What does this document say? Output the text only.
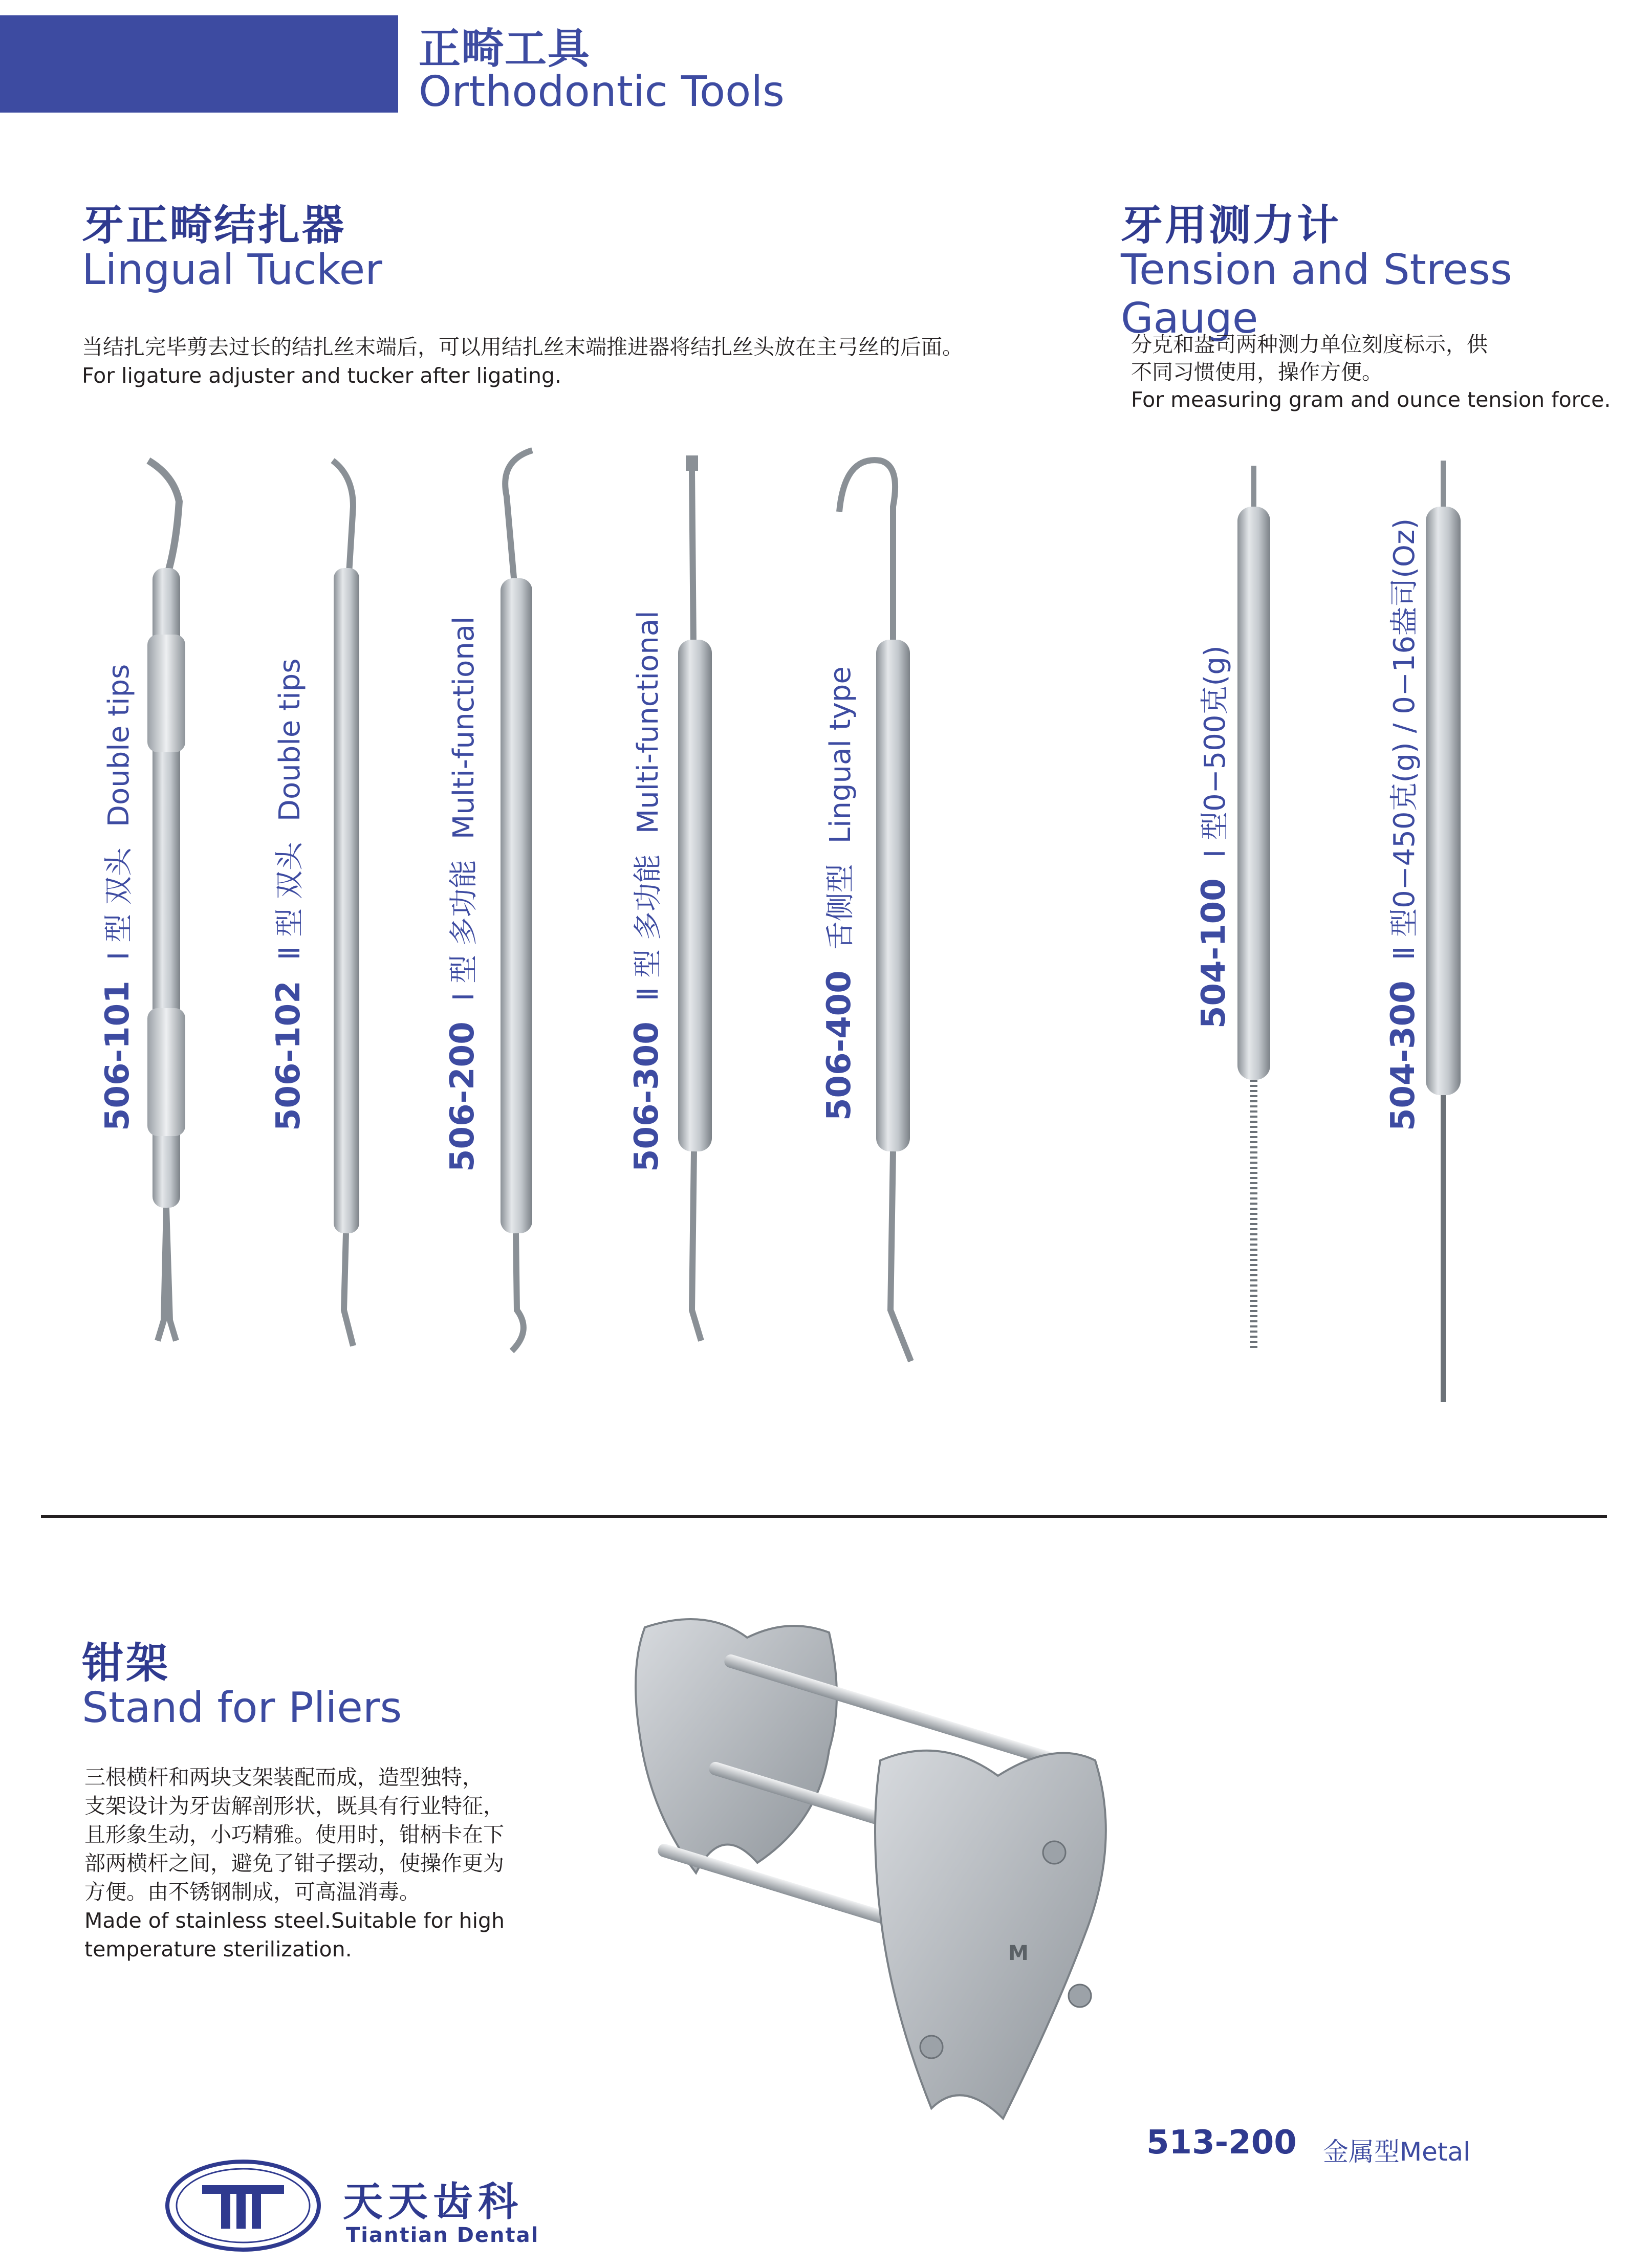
正畸工具
Orthodontic Tools
牙正畸结扎器
Lingual Tucker
当结扎完毕剪去过长的结扎丝末端后，可以用结扎丝末端推进器将结扎丝头放在主弓丝的后面。
For ligature adjuster and tucker after ligating.
牙用测力计
Tension and Stress Gauge
分克和盎司两种测力单位刻度标示，供
不同习惯使用，操作方便。
For measuring gram and ounce tension force.
506-101Ⅰ 型 双头Double tips
506-102Ⅱ 型 双头Double tips
506-200Ⅰ 型 多功能Multi-functional
506-300Ⅱ 型 多功能Multi-functional
506-400舌侧型Lingual type
504-100Ⅰ 型0−500克(g)
504-300Ⅱ 型0−450克(g) / 0−16盎司(Oz)
钳架
Stand for Pliers
三根横杆和两块支架装配而成，造型独特，
支架设计为牙齿解剖形状，既具有行业特征，
且形象生动，小巧精雅。使用时，钳柄卡在下
部两横杆之间，避免了钳子摆动，使操作更为
方便。由不锈钢制成，可高温消毒。
Made of stainless steel.Suitable for high
temperature sterilization.	M
513-200 金属型Metal
天天齿科
Tiantian Dental
